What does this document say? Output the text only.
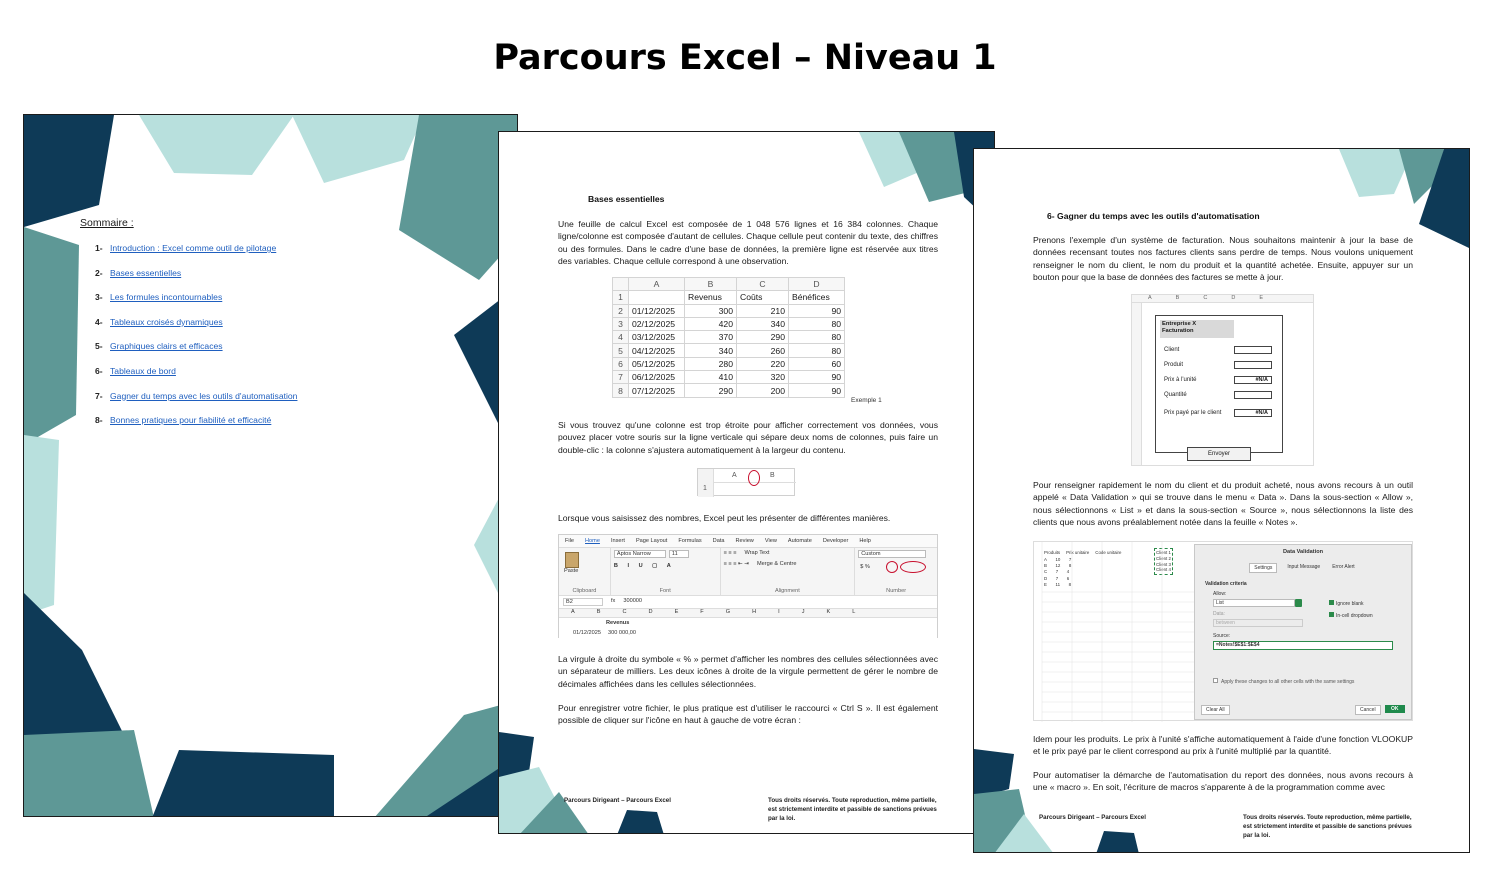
Parcours Excel – Niveau 1
Sommaire :
1- Introduction : Excel comme outil de pilotage
2- Bases essentielles
3- Les formules incontournables
4- Tableaux croisés dynamiques
5- Graphiques clairs et efficaces
6- Tableaux de bord
7- Gagner du temps avec les outils d'automatisation
8- Bonnes pratiques pour fiabilité et efficacité
Bases essentielles
Une feuille de calcul Excel est composée de 1 048 576 lignes et 16 384 colonnes. Chaque ligne/colonne est composée d'autant de cellules. Chaque cellule peut contenir du texte, des chiffres ou des formules. Dans le cadre d'une base de données, la première ligne est réservée aux titres des variables. Chaque cellule correspond à une observation.
	A	B	C	D
1		Revenus	Coûts	Bénéfices
2	01/12/2025	300	210	90
3	02/12/2025	420	340	80
4	03/12/2025	370	290	80
5	04/12/2025	340	260	80
6	05/12/2025	280	220	60
7	06/12/2025	410	320	90
8	07/12/2025	290	200	90
Exemple 1
Si vous trouvez qu'une colonne est trop étroite pour afficher correctement vos données, vous pouvez placer votre souris sur la ligne verticale qui sépare deux noms de colonnes, puis faire un double-clic : la colonne s'ajustera automatiquement à la largeur du contenu.
A	B
1
Lorsque vous saisissez des nombres, Excel peut les présenter de différentes manières.
File Home Insert Page Layout Formulas Data Review View Automate Developer Help
Paste
Clipboard
Aptos Narrow	11
B I U ▢ A
Font
≡ ≡ ≡ Wrap Text
≡ ≡ ≡ ⇤ ⇥ Merge & Centre
Alignment
Custom
$ %
Number
B2	fx 300000
A	B	C	D	E	F	G	H	I	J	K	L
Revenus
01/12/2025 300 000,00
La virgule à droite du symbole « % » permet d'afficher les nombres des cellules sélectionnées avec un séparateur de milliers. Les deux icônes à droite de la virgule permettent de gérer le nombre de décimales affichées dans les cellules sélectionnées.
Pour enregistrer votre fichier, le plus pratique est d'utiliser le raccourci « Ctrl S ». Il est également possible de cliquer sur l'icône en haut à gauche de votre écran :
Parcours Dirigeant – Parcours Excel	Tous droits réservés. Toute reproduction, même partielle, est strictement interdite et passible de sanctions prévues par la loi.
6- Gagner du temps avec les outils d'automatisation
Prenons l'exemple d'un système de facturation. Nous souhaitons maintenir à jour la base de données recensant toutes nos factures clients sans perdre de temps. Nous voulons uniquement renseigner le nom du client, le nom du produit et la quantité achetée. Ensuite, appuyer sur un bouton pour que la base de données des factures se mette à jour.
A	B	C	D	E
Entreprise X
Facturation
Client
Produit
Prix à l'unité	#N/A
Quantité
Prix payé par le client	#N/A
Envoyer
Pour renseigner rapidement le nom du client et du produit acheté, nous avons recours à un outil appelé « Data Validation » qui se trouve dans le menu « Data ». Dans la sous-section « Allow », nous sélectionnons « List » et dans la sous-section « Source », nous sélectionnons la liste des clients que nous avons préalablement notée dans la feuille « Notes ».
Produits Prix unitaire Code unitaire
A 10 7
B 12 8
C 7 4
D 7 6
E 11 8
Client 1
Client 2
Client 3
Client 4
Data Validation
Settings	Input Message	Error Alert
Validation criteria
Allow:
List	Ignore blank
In-cell dropdown
Data:
between
Source:
=Notes!$E$1:$E$4
Apply these changes to all other cells with the same settings
Clear All	Cancel	OK
Idem pour les produits. Le prix à l'unité s'affiche automatiquement à l'aide d'une fonction VLOOKUP et le prix payé par le client correspond au prix à l'unité multiplié par la quantité.
Pour automatiser la démarche de l'automatisation du report des données, nous avons recours à une « macro ». En soit, l'écriture de macros s'apparente à de la programmation comme avec
Parcours Dirigeant – Parcours Excel	Tous droits réservés. Toute reproduction, même partielle, est strictement interdite et passible de sanctions prévues par la loi.
